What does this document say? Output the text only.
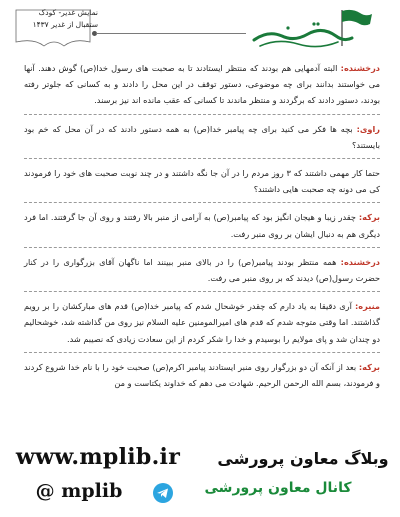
نمایش غدیر- کودک
ستقبال از غدیر ۱۴۳۷
درخشنده: البته آدمهایی هم بودند که منتظر ایستادند تا به صحبت های رسول خدا(ص) گوش دهند. آنها می خواستند بدانند برای چه موضوعی، دستور توقف در این محل را دادند و به کسانی که جلوتر رفته بودند، دستور دادند که برگردند و منتظر ماندند تا کسانی که عقب مانده اند نیز برسند.
راوی: بچه ها فکر می کنید برای چه پیامبر خدا(ص) به همه دستور دادند که در آن محل که خم بود بایستند؟
حتما کار مهمی داشتند که ۳ روز مردم را در آن جا نگه داشتند و در چند نوبت صحبت های خود را فرمودند کی می دونه چه صحبت هایی داشتند؟
برکه: چقدر زیبا و هیجان انگیز بود که پیامبر(ص) به آرامی از منبر بالا رفتند و روی آن جا گرفتند. اما فرد دیگری هم به دنبال ایشان بر روی منبر رفت.
درخشنده: همه منتظر بودند پیامبر(ص) را در بالای منبر ببینند اما ناگهان آقای بزرگواری را در کنار حضرت رسول(ص) دیدند که بر روی منبر می رفت.
منیره: آری دقیقا به یاد دارم که چقدر خوشحال شدم که پیامبر خدا(ص) قدم های مبارکشان را بر رویم گذاشتند. اما وقتی متوجه شدم که قدم های امیرالمومنین علیه السلام نیز روی من گذاشته شد، خوشحالیم دو چندان شد و پای مولایم را بوسیدم و خدا را شکر کردم از این سعادت زیادی که نصیبم شد.
برکه: بعد از آنکه آن دو بزرگوار روی منبر ایستادند پیامبر اکرم(ص) صحبت خود را با نام خدا شروع کردند و فرمودند، بسم الله الرحمن الرحیم. شهادت می دهم که خداوند یکتاست و من
www.mplib.ir	وبلاگ معاون پرورشی
@ mplib	کانال معاون پرورشی
